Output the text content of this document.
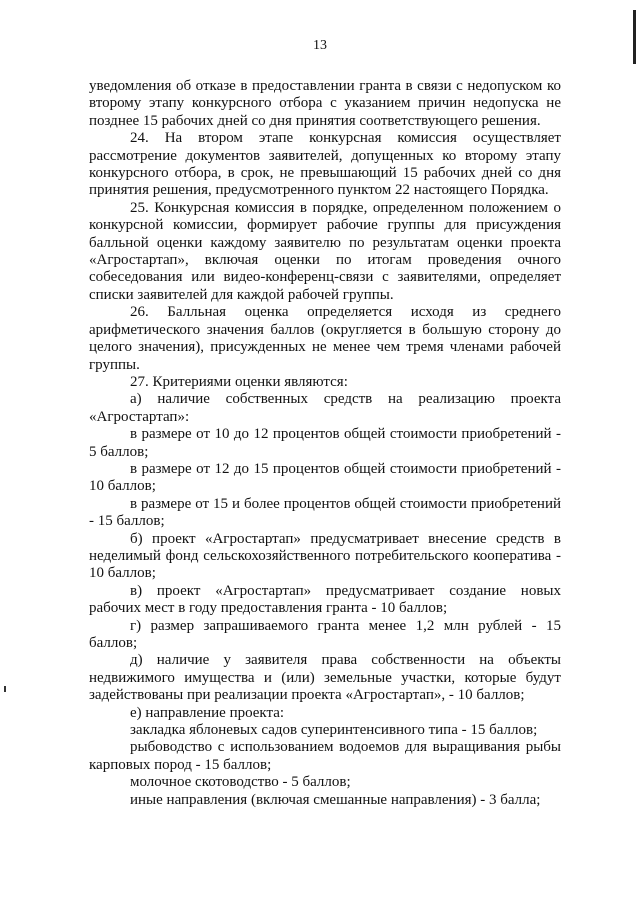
13

уведомления об отказе в предоставлении гранта в связи с недопуском ко второму этапу конкурсного отбора с указанием причин недопуска не позднее 15 рабочих дней со дня принятия соответствующего решения.

24. На втором этапе конкурсная комиссия осуществляет рассмотрение документов заявителей, допущенных ко второму этапу конкурсного отбора, в срок, не превышающий 15 рабочих дней со дня принятия решения, предусмотренного пунктом 22 настоящего Порядка.

25. Конкурсная комиссия в порядке, определенном положением о конкурсной комиссии, формирует рабочие группы для присуждения балльной оценки каждому заявителю по результатам оценки проекта «Агростартап», включая оценки по итогам проведения очного собеседования или видео-конференц-связи с заявителями, определяет списки заявителей для каждой рабочей группы.

26. Балльная оценка определяется исходя из среднего арифметического значения баллов (округляется в большую сторону до целого значения), присужденных не менее чем тремя членами рабочей группы.

27. Критериями оценки являются:

а) наличие собственных средств на реализацию проекта «Агростартап»:

в размере от 10 до 12 процентов общей стоимости приобретений - 5 баллов;

в размере от 12 до 15 процентов общей стоимости приобретений - 10 баллов;

в размере от 15 и более процентов общей стоимости приобретений - 15 баллов;

б) проект «Агростартап» предусматривает внесение средств в неделимый фонд сельскохозяйственного потребительского кооператива - 10 баллов;

в) проект «Агростартап» предусматривает создание новых рабочих мест в году предоставления гранта - 10 баллов;

г) размер запрашиваемого гранта менее 1,2 млн рублей - 15 баллов;

д) наличие у заявителя права собственности на объекты недвижимого имущества и (или) земельные участки, которые будут задействованы при реализации проекта «Агростартап», - 10 баллов;

е) направление проекта:

закладка яблоневых садов суперинтенсивного типа - 15 баллов;

рыбоводство с использованием водоемов для выращивания рыбы карповых пород - 15 баллов;

молочное скотоводство - 5 баллов;

иные направления (включая смешанные направления) - 3 балла;
